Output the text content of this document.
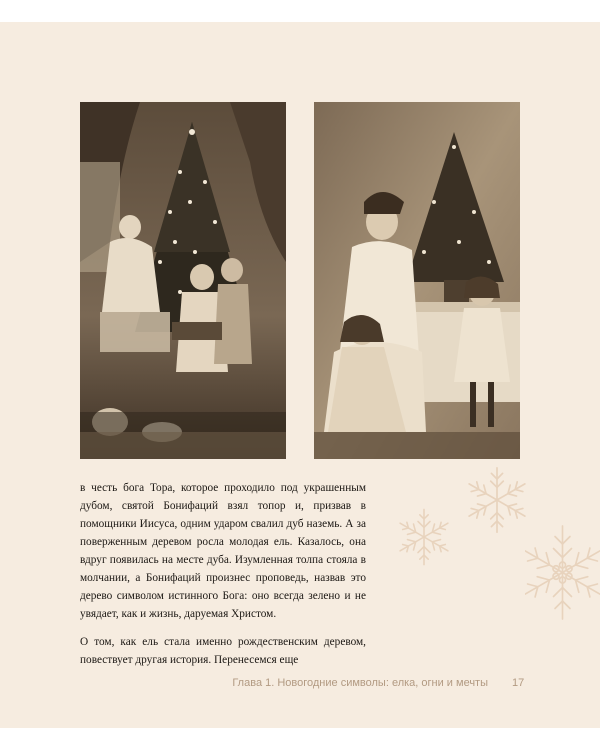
в честь бога Тора, которое проходило под украшенным дубом, святой Бонифаций взял топор и, призвав в помощники Иисуса, одним ударом свалил дуб наземь. А за поверженным деревом росла молодая ель. Казалось, она вдруг появилась на месте дуба. Изумленная толпа стояла в молчании, а Бонифаций произнес проповедь, назвав это дерево символом истинного Бога: оно всегда зелено и не увядает, как и жизнь, даруемая Христом.

О том, как ель стала именно рождественским деревом, повествует другая история. Перенесемся еще

Глава 1. Новогодние символы: елка, огни и мечты 17
